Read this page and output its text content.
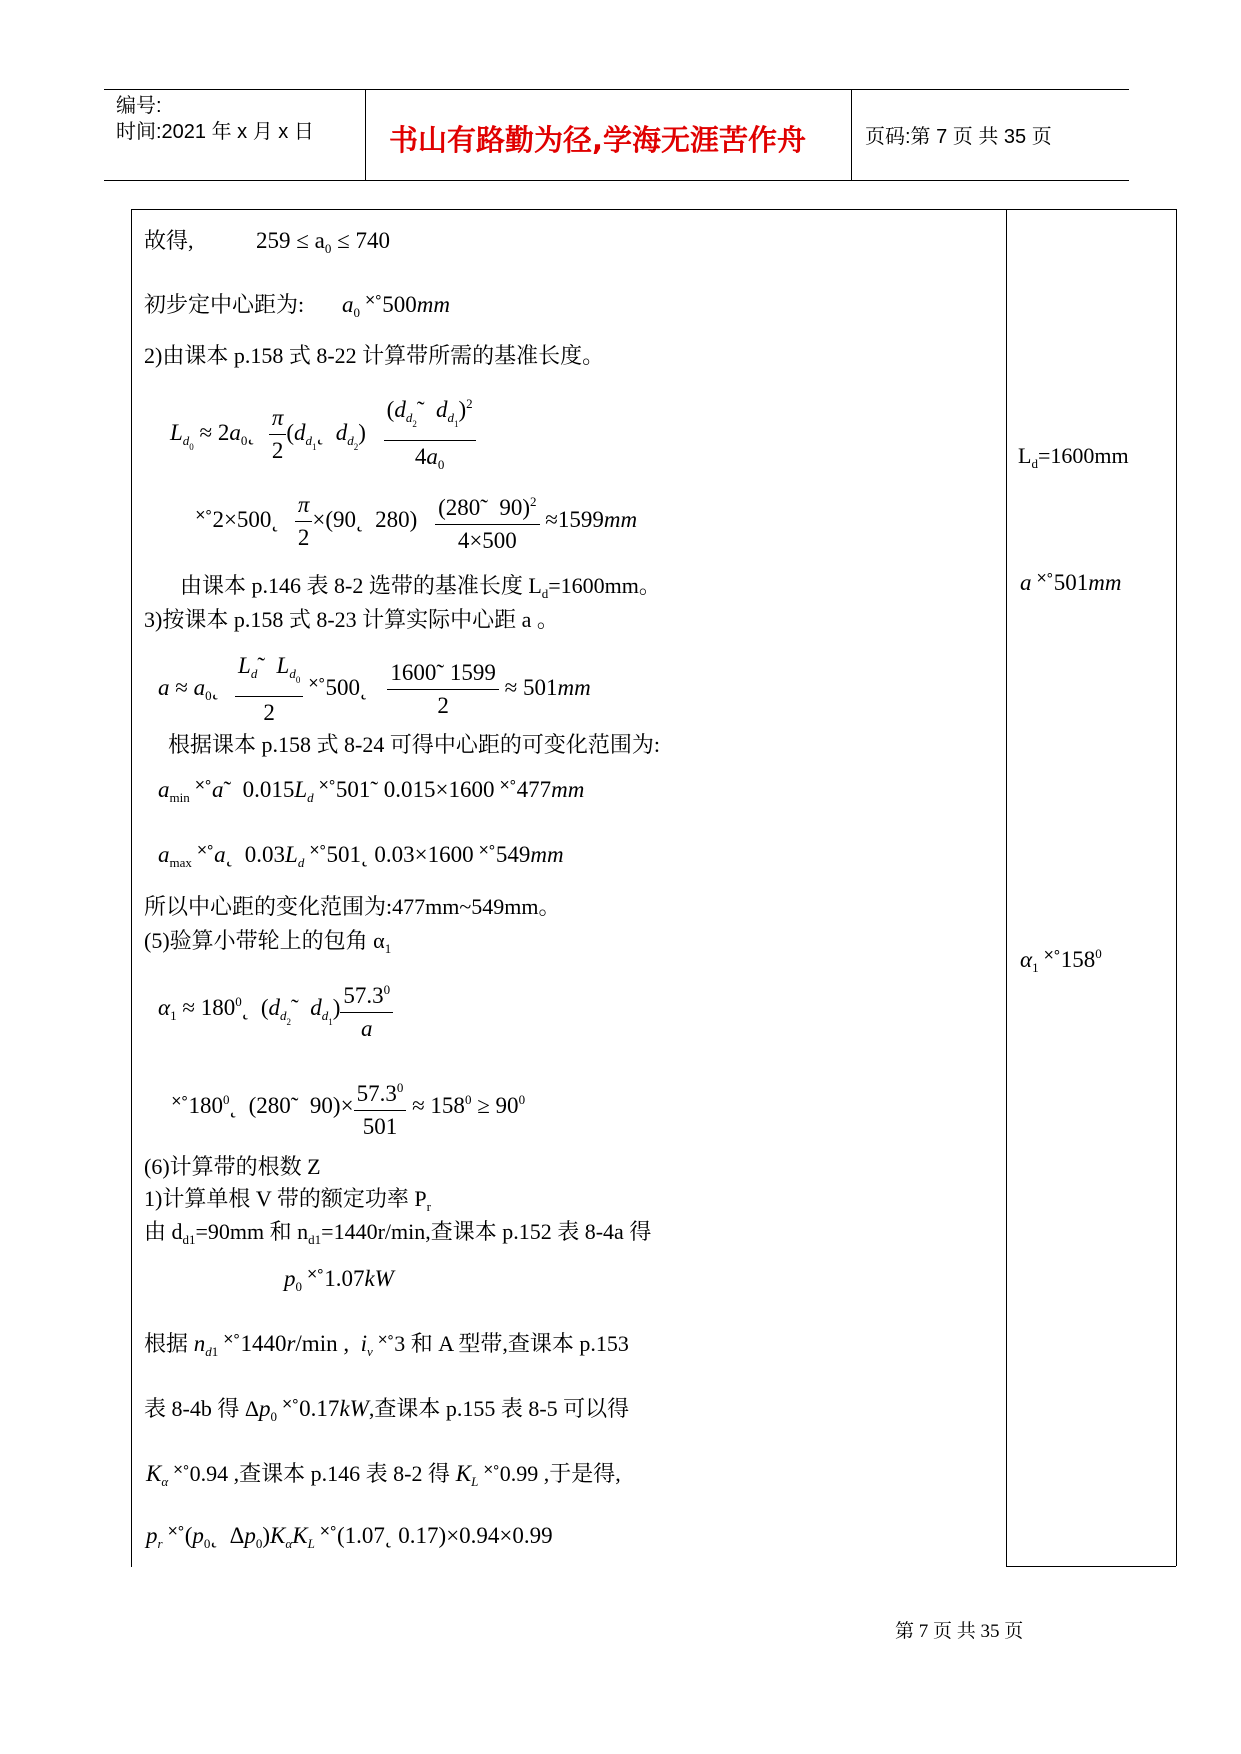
编号:
时间:2021 年 x 月 x 日	书山有路勤为径,学海无涯苦作舟	页码:第 7 页 共 35 页
故得,	$259 \le a_0 \le 740$
初步定中心距为: $a_0$ ˟˚500mm
2)由课本 p.158 式 8-22 计算带所需的基准长度。
$L_{d_0}$ ≈ $2a_0˛ \frac{\pi}{2}$ ($d_{d_1}˛$  $d_{d_2}) \frac{(d_{d_2}˜ d_{d_1})^2}{4a_0}$
˟˚2×500˛ $\frac{\pi}{2}$ ×(90˛  $280) \frac{(280˜ 90)^2}{4\times 500} \approx 1599mm$
由课本 p.146 表 8-2 选带的基准长度 $L_d=1600mm$。
3)按课本 p.158 式 8-23 计算实际中心距 a 。
$a \approx a_0˛ \frac{L_d˜ L_{d_0}}{2}$ ˟˚500˛ $\frac{1600˜ 1599}{2} \approx 501mm$
根据课本 p.158 式 8-24 可得中心距的可变化范围为:
$a_{min}$ ˟˚a˜  $0.015L_d$ ˟˚501˜ 0.015×1600 ˟˚477mm
$a_{max}$ ˟˚a˛  $0.03L_d$ ˟˚501˛ 0.03×1600 ˟˚549mm
所以中心距的变化范围为:477mm~549mm。
(5)验算小带轮上的包角 $\alpha_1$
$\alpha_1$ ≈ $180^0˛$  ($d_{d_2}˜$  $d_{d_1}) \frac{57.3^0}{a}$
$˟˚180^0˛$  (280˜  $90)\times \frac{57.3^0}{501} \approx 158^0 \ge 90^0$
(6)计算带的根数 Z
1)计算单根 V 带的额定功率 $P_r$
由 $d_{d1}=90mm$ 和 $n_{d1}=1440r/\min$,查课本 p.152 表 8-4a 得
$p_0$ ˟˚1.07kW
根据 $n_{d1}$ ˟˚1440r/min ,  $i_v$ ˟˚3 和 A 型带,查课本 p.153
表 8-4b 得 $\Delta p_0$ ˟˚0.17kW,查课本 p.155 表 8-5 可以得
$K_\alpha$ ˟˚0.94 ,查课本 p.146 表 8-2 得 $K_L$ ˟˚0.99 ,于是得,
$p_r$ $˟˚(p_0˛$  $\Delta p_0)K_\alpha K_L$ ˟˚(1.07˛ 0.17)×0.94×0.99
$L_d=1600mm$
a ˟˚501mm
$\alpha_1$ $˟˚158^0$
第 7 页 共 35 页
